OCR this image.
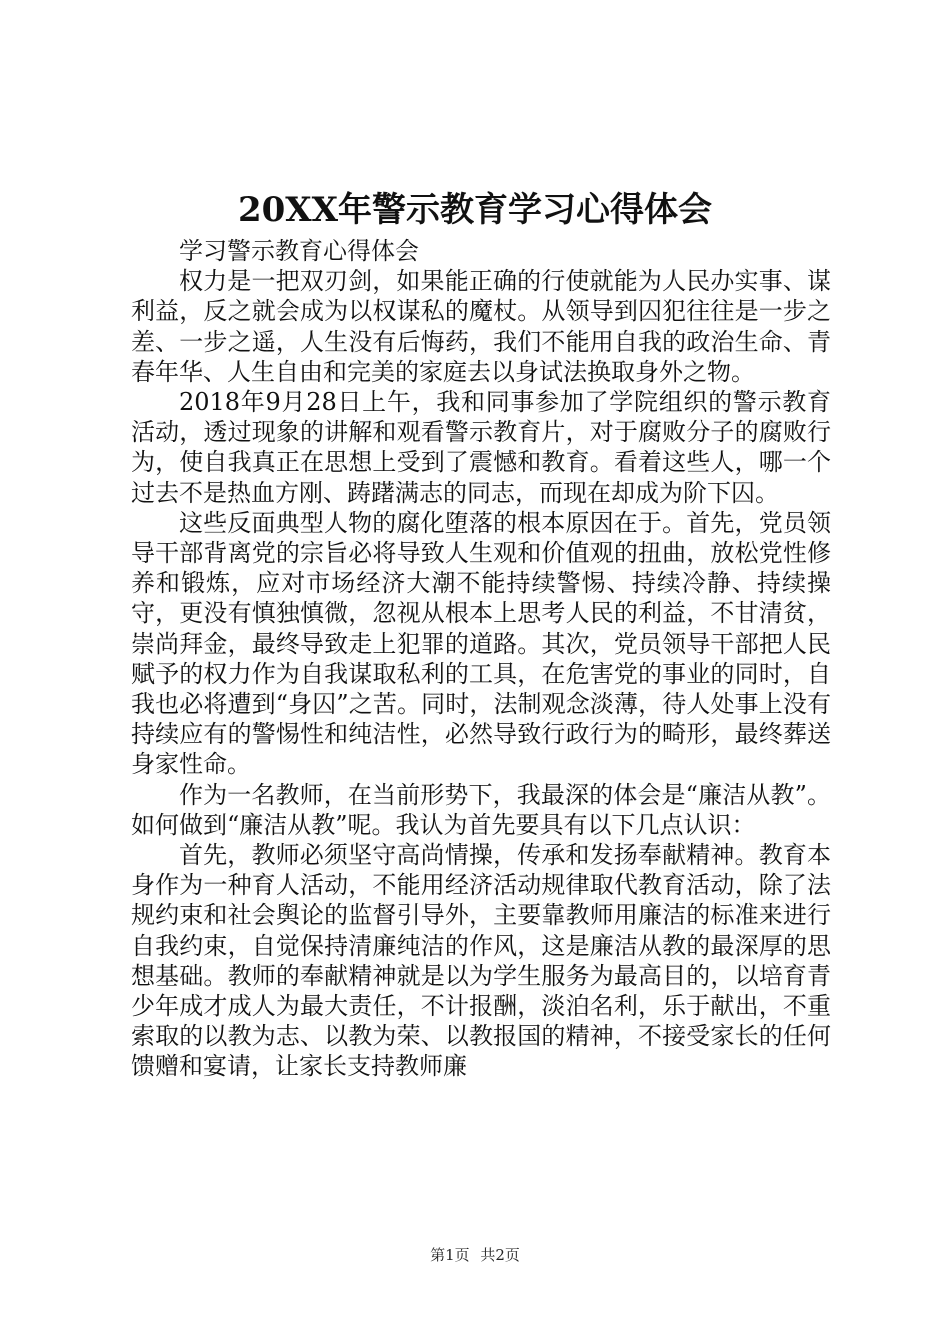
20XX年警示教育学习心得体会

学习警示教育心得体会

权力是一把双刃剑，如果能正确的行使就能为人民办实事、谋利益，反之就会成为以权谋私的魔杖。从领导到囚犯往往是一步之差、一步之遥，人生没有后悔药，我们不能用自我的政治生命、青春年华、人生自由和完美的家庭去以身试法换取身外之物。

2018年9月28日上午，我和同事参加了学院组织的警示教育活动，透过现象的讲解和观看警示教育片，对于腐败分子的腐败行为，使自我真正在思想上受到了震憾和教育。看着这些人，哪一个过去不是热血方刚、踌躇满志的同志，而现在却成为阶下囚。

这些反面典型人物的腐化堕落的根本原因在于。首先，党员领导干部背离党的宗旨必将导致人生观和价值观的扭曲，放松党性修养和锻炼，应对市场经济大潮不能持续警惕、持续冷静、持续操守，更没有慎独慎微，忽视从根本上思考人民的利益，不甘清贫，崇尚拜金，最终导致走上犯罪的道路。其次，党员领导干部把人民赋予的权力作为自我谋取私利的工具，在危害党的事业的同时，自我也必将遭到“身囚”之苦。同时，法制观念淡薄，待人处事上没有持续应有的警惕性和纯洁性，必然导致行政行为的畸形，最终葬送身家性命。

作为一名教师，在当前形势下，我最深的体会是“廉洁从教”。如何做到“廉洁从教”呢。我认为首先要具有以下几点认识：

首先，教师必须坚守高尚情操，传承和发扬奉献精神。教育本身作为一种育人活动，不能用经济活动规律取代教育活动，除了法规约束和社会舆论的监督引导外，主要靠教师用廉洁的标准来进行自我约束，自觉保持清廉纯洁的作风，这是廉洁从教的最深厚的思想基础。教师的奉献精神就是以为学生服务为最高目的，以培育青少年成才成人为最大责任，不计报酬，淡泊名利，乐于献出，不重索取的以教为志、以教为荣、以教报国的精神，不接受家长的任何馈赠和宴请，让家长支持教师廉

第1页 共2页
